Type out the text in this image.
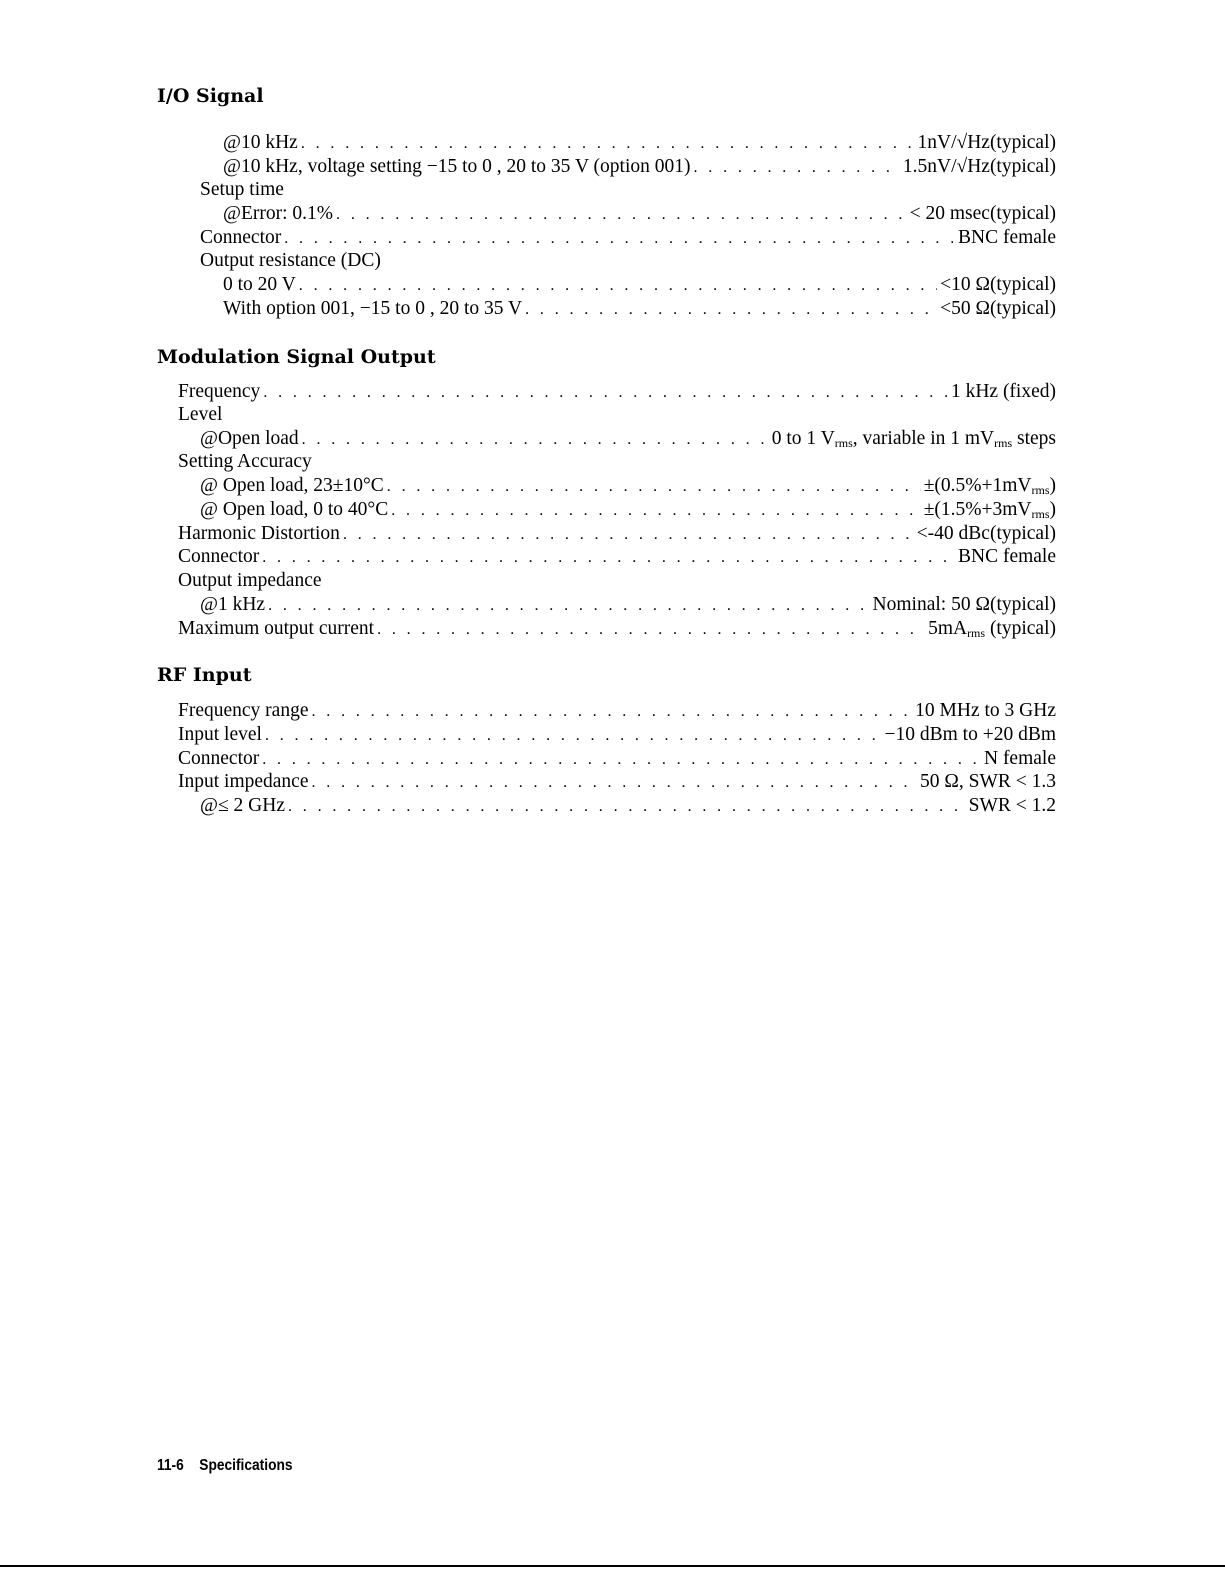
I/O Signal
@10 kHz . . .	1nV/√Hz(typical)
@10 kHz, voltage setting −15 to 0 , 20 to 35 V (option 001) . . .	1.5nV/√Hz(typical)
Setup time
@Error: 0.1% . . .	< 20 msec(typical)
Connector . . .	BNC female
Output resistance (DC)
0 to 20 V . . .	<10 Ω(typical)
With option 001, −15 to 0 , 20 to 35 V . . .	<50 Ω(typical)
Modulation Signal Output
Frequency . . .	1 kHz (fixed)
Level
@Open load . . .	0 to 1 $V_{rms}$, variable in 1 $mV_{rms}$ steps
Setting Accuracy
@ Open load, 23±10°C . . .	$\pm(0.5\%+1mV_{rms})$
@ Open load, 0 to 40°C . . .	$\pm(1.5\%+3mV_{rms})$
Harmonic Distortion . . .	<-40 dBc(typical)
Connector . . .	BNC female
Output impedance
@1 kHz . . .	Nominal: 50 Ω(typical)
Maximum output current . . .	$5mA_{rms}$ (typical)
RF Input
Frequency range . . .	10 MHz to 3 GHz
Input level . . .	−10 dBm to +20 dBm
Connector . . .	N female
Input impedance . . .	50 Ω, SWR < 1.3
@≤ 2 GHz . . .	SWR < 1.2
11-6 Specifications
